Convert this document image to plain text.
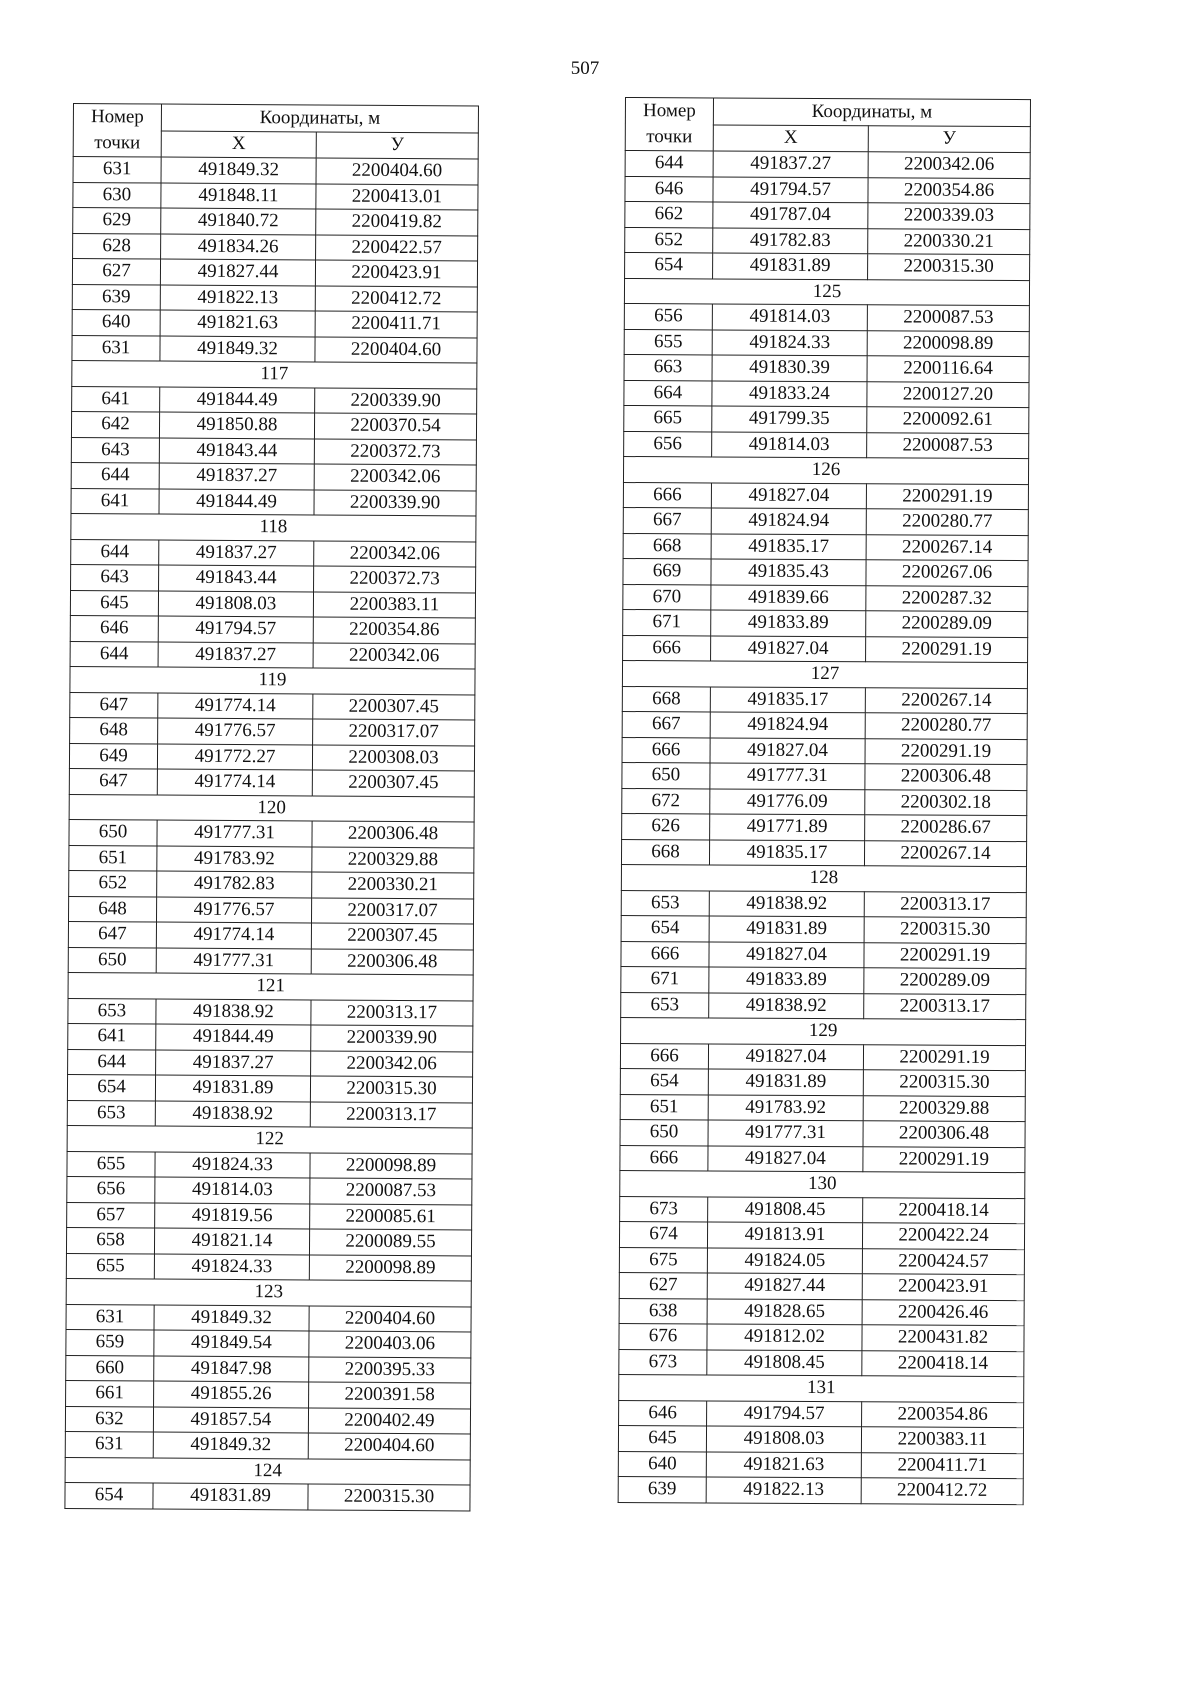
507
Номер
точки	Координаты, м	
	X	У
631	491849.32	2200404.60
630	491848.11	2200413.01
629	491840.72	2200419.82
628	491834.26	2200422.57
627	491827.44	2200423.91
639	491822.13	2200412.72
640	491821.63	2200411.71
631	491849.32	2200404.60
117		
641	491844.49	2200339.90
642	491850.88	2200370.54
643	491843.44	2200372.73
644	491837.27	2200342.06
641	491844.49	2200339.90
118		
644	491837.27	2200342.06
643	491843.44	2200372.73
645	491808.03	2200383.11
646	491794.57	2200354.86
644	491837.27	2200342.06
119		
647	491774.14	2200307.45
648	491776.57	2200317.07
649	491772.27	2200308.03
647	491774.14	2200307.45
120		
650	491777.31	2200306.48
651	491783.92	2200329.88
652	491782.83	2200330.21
648	491776.57	2200317.07
647	491774.14	2200307.45
650	491777.31	2200306.48
121		
653	491838.92	2200313.17
641	491844.49	2200339.90
644	491837.27	2200342.06
654	491831.89	2200315.30
653	491838.92	2200313.17
122		
655	491824.33	2200098.89
656	491814.03	2200087.53
657	491819.56	2200085.61
658	491821.14	2200089.55
655	491824.33	2200098.89
123		
631	491849.32	2200404.60
659	491849.54	2200403.06
660	491847.98	2200395.33
661	491855.26	2200391.58
632	491857.54	2200402.49
631	491849.32	2200404.60
124		
654	491831.89	2200315.30
Номер
точки	Координаты, м	
	X	У
644	491837.27	2200342.06
646	491794.57	2200354.86
662	491787.04	2200339.03
652	491782.83	2200330.21
654	491831.89	2200315.30
125		
656	491814.03	2200087.53
655	491824.33	2200098.89
663	491830.39	2200116.64
664	491833.24	2200127.20
665	491799.35	2200092.61
656	491814.03	2200087.53
126		
666	491827.04	2200291.19
667	491824.94	2200280.77
668	491835.17	2200267.14
669	491835.43	2200267.06
670	491839.66	2200287.32
671	491833.89	2200289.09
666	491827.04	2200291.19
127		
668	491835.17	2200267.14
667	491824.94	2200280.77
666	491827.04	2200291.19
650	491777.31	2200306.48
672	491776.09	2200302.18
626	491771.89	2200286.67
668	491835.17	2200267.14
128		
653	491838.92	2200313.17
654	491831.89	2200315.30
666	491827.04	2200291.19
671	491833.89	2200289.09
653	491838.92	2200313.17
129		
666	491827.04	2200291.19
654	491831.89	2200315.30
651	491783.92	2200329.88
650	491777.31	2200306.48
666	491827.04	2200291.19
130		
673	491808.45	2200418.14
674	491813.91	2200422.24
675	491824.05	2200424.57
627	491827.44	2200423.91
638	491828.65	2200426.46
676	491812.02	2200431.82
673	491808.45	2200418.14
131		
646	491794.57	2200354.86
645	491808.03	2200383.11
640	491821.63	2200411.71
639	491822.13	2200412.72
